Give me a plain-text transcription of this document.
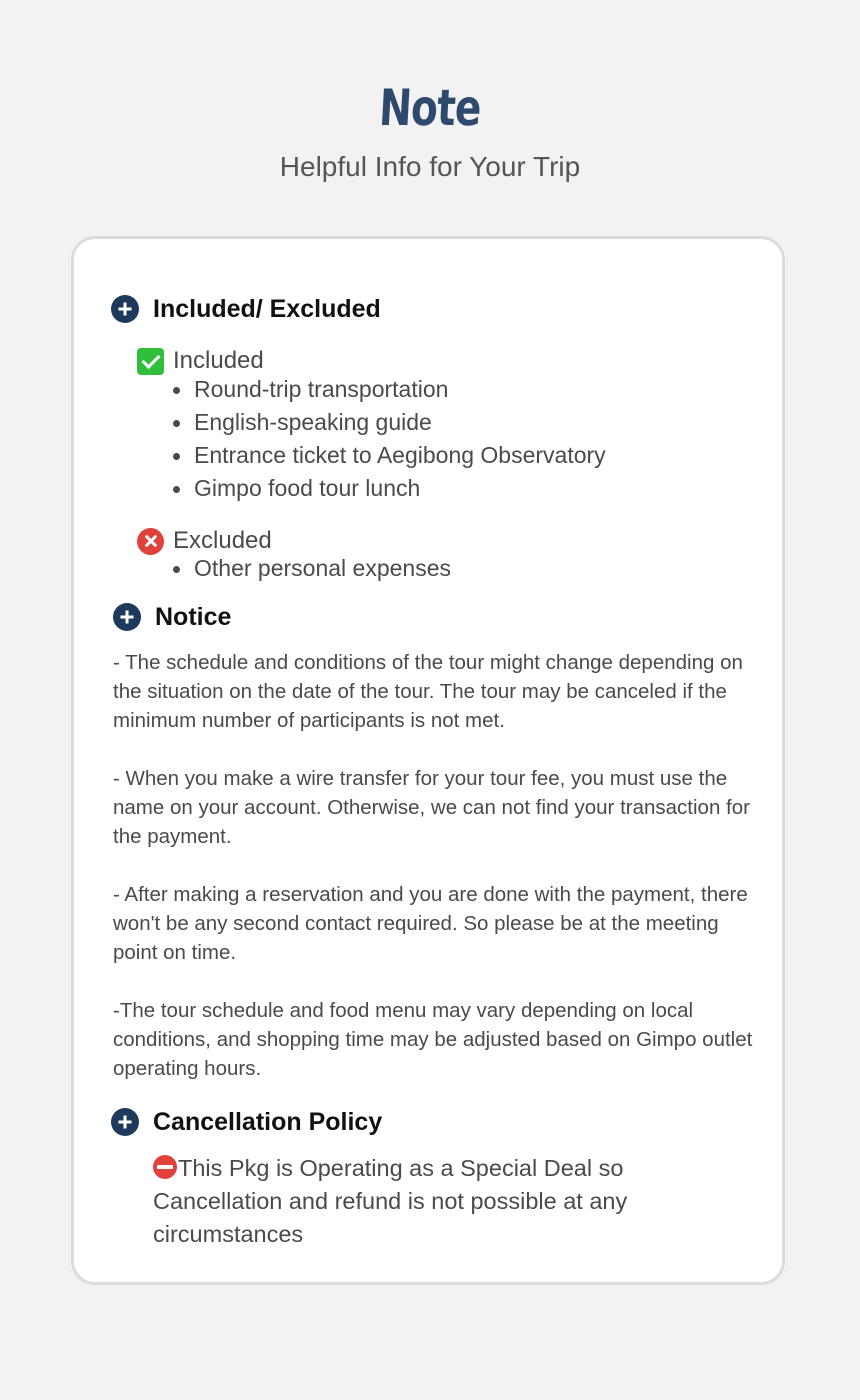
Note
Helpful Info for Your Trip
Included/ Excluded
Included
Round-trip transportation
English-speaking guide
Entrance ticket to Aegibong Observatory
Gimpo food tour lunch
Excluded
Other personal expenses
Notice

- The schedule and conditions of the tour might change depending on the situation on the date of the tour. The tour may be canceled if the minimum number of participants is not met.

- When you make a wire transfer for your tour fee, you must use the name on your account. Otherwise, we can not find your transaction for the payment.

- After making a reservation and you are done with the payment, there won't be any second contact required. So please be at the meeting point on time.

-The tour schedule and food menu may vary depending on local conditions, and shopping time may be adjusted based on Gimpo outlet operating hours.

Cancellation Policy

This Pkg is Operating as a Special Deal so Cancellation and refund is not possible at any circumstances
